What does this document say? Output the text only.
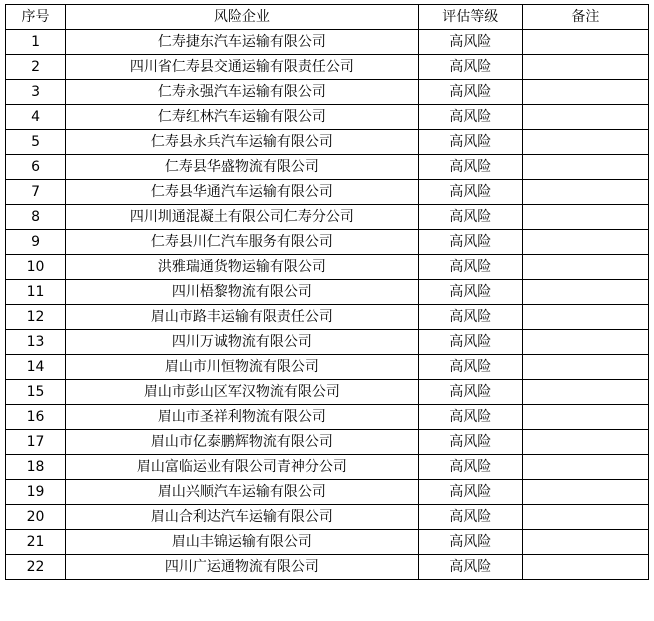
序号	风险企业	评估等级	备注
1	仁寿捷东汽车运输有限公司	高风险	
2	四川省仁寿县交通运输有限责任公司	高风险	
3	仁寿永强汽车运输有限公司	高风险	
4	仁寿红林汽车运输有限公司	高风险	
5	仁寿县永兵汽车运输有限公司	高风险	
6	仁寿县华盛物流有限公司	高风险	
7	仁寿县华通汽车运输有限公司	高风险	
8	四川圳通混凝土有限公司仁寿分公司	高风险	
9	仁寿县川仁汽车服务有限公司	高风险	
10	洪雅瑞通货物运输有限公司	高风险	
11	四川梧黎物流有限公司	高风险	
12	眉山市路丰运输有限责任公司	高风险	
13	四川万诚物流有限公司	高风险	
14	眉山市川恒物流有限公司	高风险	
15	眉山市彭山区军汉物流有限公司	高风险	
16	眉山市圣祥利物流有限公司	高风险	
17	眉山市亿泰鹏辉物流有限公司	高风险	
18	眉山富临运业有限公司青神分公司	高风险	
19	眉山兴顺汽车运输有限公司	高风险	
20	眉山合利达汽车运输有限公司	高风险	
21	眉山丰锦运输有限公司	高风险	
22	四川广运通物流有限公司	高风险	
